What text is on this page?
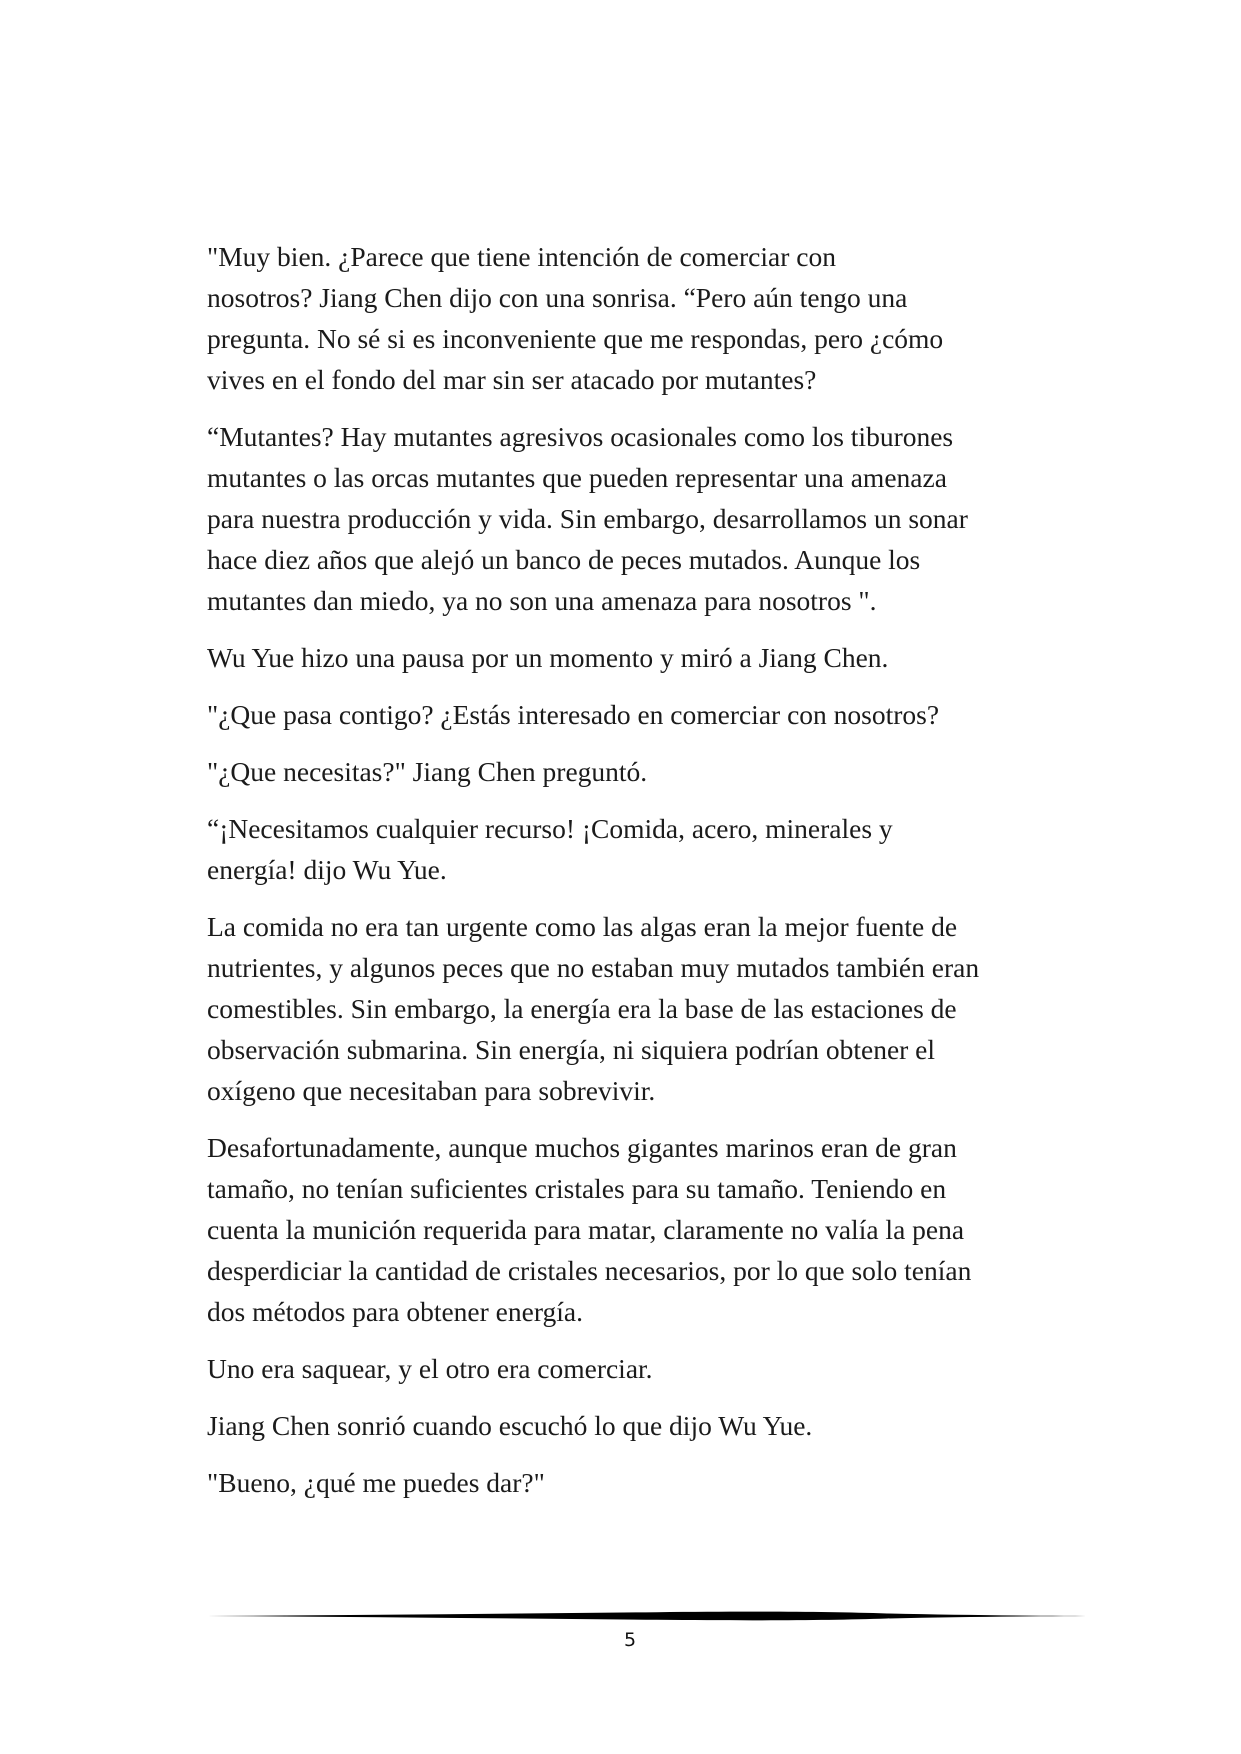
"Muy bien. ¿Parece que tiene intención de comerciar con
nosotros? Jiang Chen dijo con una sonrisa. “Pero aún tengo una
pregunta. No sé si es inconveniente que me respondas, pero ¿cómo
vives en el fondo del mar sin ser atacado por mutantes?

“Mutantes? Hay mutantes agresivos ocasionales como los tiburones
mutantes o las orcas mutantes que pueden representar una amenaza
para nuestra producción y vida. Sin embargo, desarrollamos un sonar
hace diez años que alejó un banco de peces mutados. Aunque los
mutantes dan miedo, ya no son una amenaza para nosotros ".

Wu Yue hizo una pausa por un momento y miró a Jiang Chen.

"¿Que pasa contigo? ¿Estás interesado en comerciar con nosotros?

"¿Que necesitas?" Jiang Chen preguntó.

“¡Necesitamos cualquier recurso! ¡Comida, acero, minerales y
energía! dijo Wu Yue.

La comida no era tan urgente como las algas eran la mejor fuente de
nutrientes, y algunos peces que no estaban muy mutados también eran
comestibles. Sin embargo, la energía era la base de las estaciones de
observación submarina. Sin energía, ni siquiera podrían obtener el
oxígeno que necesitaban para sobrevivir.

Desafortunadamente, aunque muchos gigantes marinos eran de gran
tamaño, no tenían suficientes cristales para su tamaño. Teniendo en
cuenta la munición requerida para matar, claramente no valía la pena
desperdiciar la cantidad de cristales necesarios, por lo que solo tenían
dos métodos para obtener energía.

Uno era saquear, y el otro era comerciar.

Jiang Chen sonrió cuando escuchó lo que dijo Wu Yue.

"Bueno, ¿qué me puedes dar?"

5
